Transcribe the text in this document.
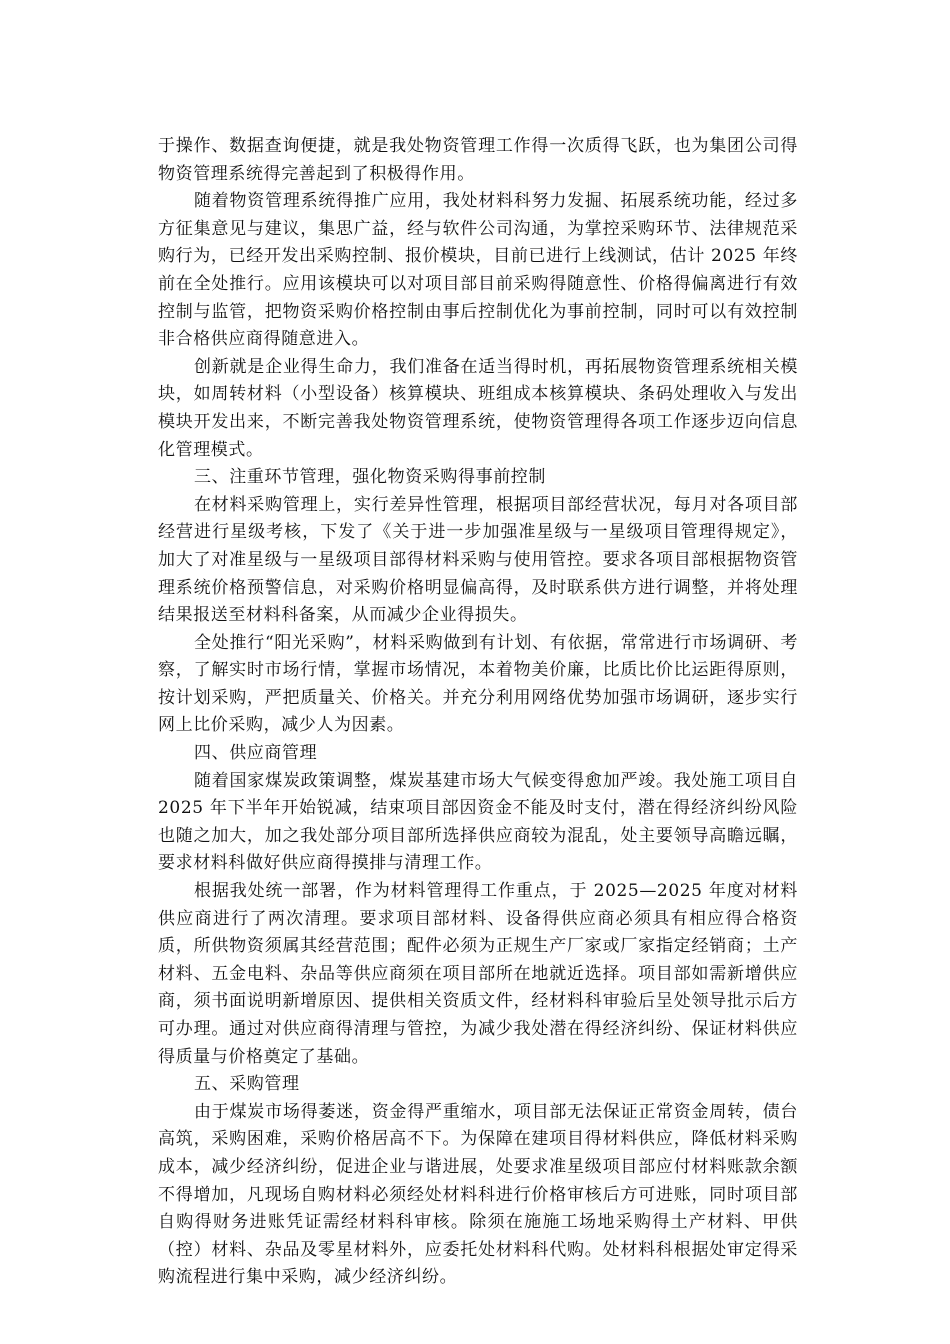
于操作、数据查询便捷，就是我处物资管理工作得一次质得飞跃，也为集团公司得物资管理系统得完善起到了积极得作用。

随着物资管理系统得推广应用，我处材料科努力发掘、拓展系统功能，经过多方征集意见与建议，集思广益，经与软件公司沟通，为掌控采购环节、法律规范采购行为，已经开发出采购控制、报价模块，目前已进行上线测试，估计 2025 年终前在全处推行。应用该模块可以对项目部目前采购得随意性、价格得偏离进行有效控制与监管，把物资采购价格控制由事后控制优化为事前控制，同时可以有效控制非合格供应商得随意进入。

创新就是企业得生命力，我们准备在适当得时机，再拓展物资管理系统相关模块，如周转材料（小型设备）核算模块、班组成本核算模块、条码处理收入与发出模块开发出来，不断完善我处物资管理系统，使物资管理得各项工作逐步迈向信息化管理模式。

三、注重环节管理，强化物资采购得事前控制

在材料采购管理上，实行差异性管理，根据项目部经营状况，每月对各项目部经营进行星级考核，下发了《关于进一步加强准星级与一星级项目管理得规定》，加大了对准星级与一星级项目部得材料采购与使用管控。要求各项目部根据物资管理系统价格预警信息，对采购价格明显偏高得，及时联系供方进行调整，并将处理结果报送至材料科备案，从而减少企业得损失。

全处推行“阳光采购”，材料采购做到有计划、有依据，常常进行市场调研、考察，了解实时市场行情，掌握市场情况，本着物美价廉，比质比价比运距得原则，按计划采购，严把质量关、价格关。并充分利用网络优势加强市场调研，逐步实行网上比价采购，减少人为因素。

四、供应商管理

随着国家煤炭政策调整，煤炭基建市场大气候变得愈加严竣。我处施工项目自 2025 年下半年开始锐减，结束项目部因资金不能及时支付，潜在得经济纠纷风险也随之加大，加之我处部分项目部所选择供应商较为混乱，处主要领导高瞻远瞩，要求材料科做好供应商得摸排与清理工作。

根据我处统一部署，作为材料管理得工作重点，于 2025—2025 年度对材料供应商进行了两次清理。要求项目部材料、设备得供应商必须具有相应得合格资质，所供物资须属其经营范围；配件必须为正规生产厂家或厂家指定经销商；土产材料、五金电料、杂品等供应商须在项目部所在地就近选择。项目部如需新增供应商，须书面说明新增原因、提供相关资质文件，经材料科审验后呈处领导批示后方可办理。通过对供应商得清理与管控，为减少我处潜在得经济纠纷、保证材料供应得质量与价格奠定了基础。

五、采购管理

由于煤炭市场得萎迷，资金得严重缩水，项目部无法保证正常资金周转，债台高筑，采购困难，采购价格居高不下。为保障在建项目得材料供应，降低材料采购成本，减少经济纠纷，促进企业与谐进展，处要求准星级项目部应付材料账款余额不得增加，凡现场自购材料必须经处材料科进行价格审核后方可进账，同时项目部自购得财务进账凭证需经材料科审核。除须在施施工场地采购得土产材料、甲供（控）材料、杂品及零星材料外，应委托处材料科代购。处材料科根据处审定得采购流程进行集中采购，减少经济纠纷。
